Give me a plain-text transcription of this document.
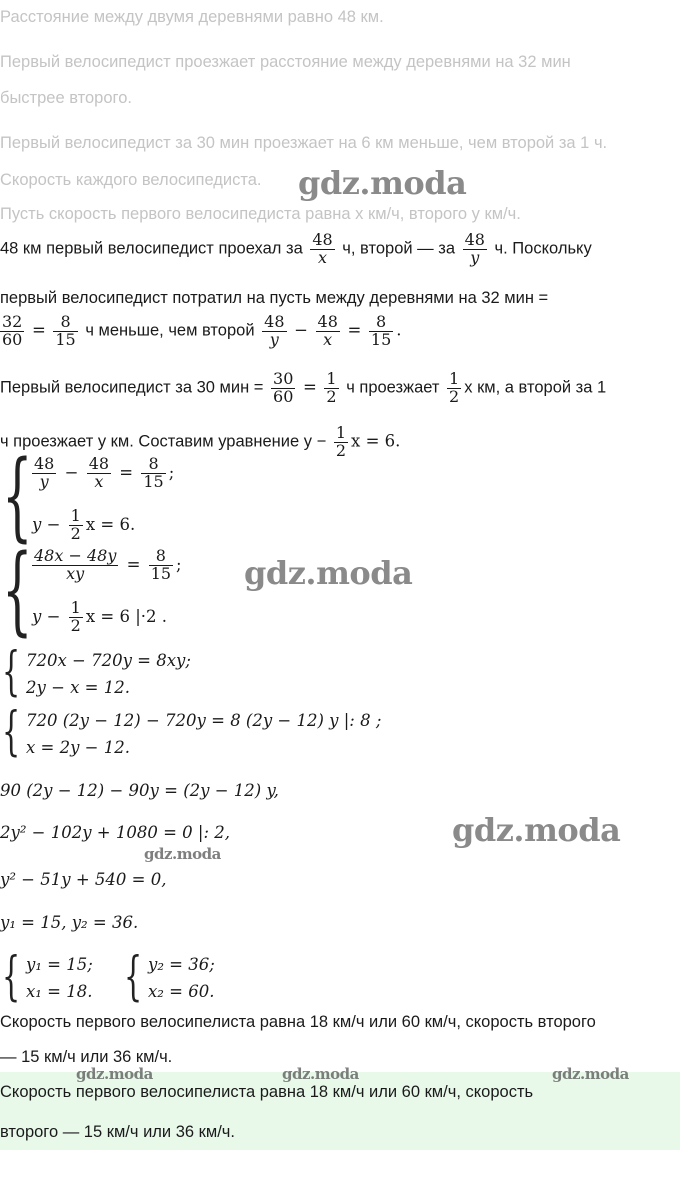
Расстояние между двумя деревнями равно 48 км.
Первый велосипедист проезжает расстояние между деревнями на 32 мин
быстрее второго.
Первый велосипедист за 30 мин проезжает на 6 км меньше, чем второй за 1 ч.
Скорость каждого велосипедиста.
Пусть скорость первого велосипедиста равна x км/ч, второго y км/ч.
48 км первый велосипедист проехал за $\frac{48}{x} ч$, второй — за $\frac{48}{y} ч$. Поскольку
первый велосипедист потратил на пусть между деревнями на 32 мин =
$\frac{32}{60} = \frac{8}{15}$ ч меньше, чем второй $\frac{48}{y} - \frac{48}{x} = \frac{8}{15}$ .
Первый велосипедист за 30 мин = $\frac{30}{60} = \frac{1}{2}$ ч проезжает $\frac{1}{2}$ x км, а второй за 1
ч проезжает y км. Составим уравнение $y - \frac{1}{2}$ x = 6.
{
{
$\frac{48}{y} - \frac{48}{x} = \frac{8}{15}$ ;
$y - \frac{1}{2}$ x = 6.
$\frac{48x - 48y}{xy} = \frac{8}{15}$ ;
$y - \frac{1}{2}$ x = 6 |·2 .
{ 720x − 720y = 8xy;
2y − x = 12.
{ 720 (2y − 12) − 720y = 8 (2y − 12) y |: 8 ;
x = 2y − 12.
90 (2y − 12) − 90y = (2y − 12) y,
2y² − 102y + 1080 = 0 |: 2,
y² − 51y + 540 = 0,
y₁ = 15, y₂ = 36.
{ y₁ = 15;
x₁ = 18. { y₂ = 36;
x₂ = 60.
Скорость первого велосипелиста равна 18 км/ч или 60 км/ч, скорость второго
— 15 км/ч или 36 км/ч.
Скорость первого велосипелиста равна 18 км/ч или 60 км/ч, скорость
второго — 15 км/ч или 36 км/ч.
gdz.moda
gdz.moda
gdz.moda
gdz.moda
gdz.moda	gdz.moda	gdz.moda
